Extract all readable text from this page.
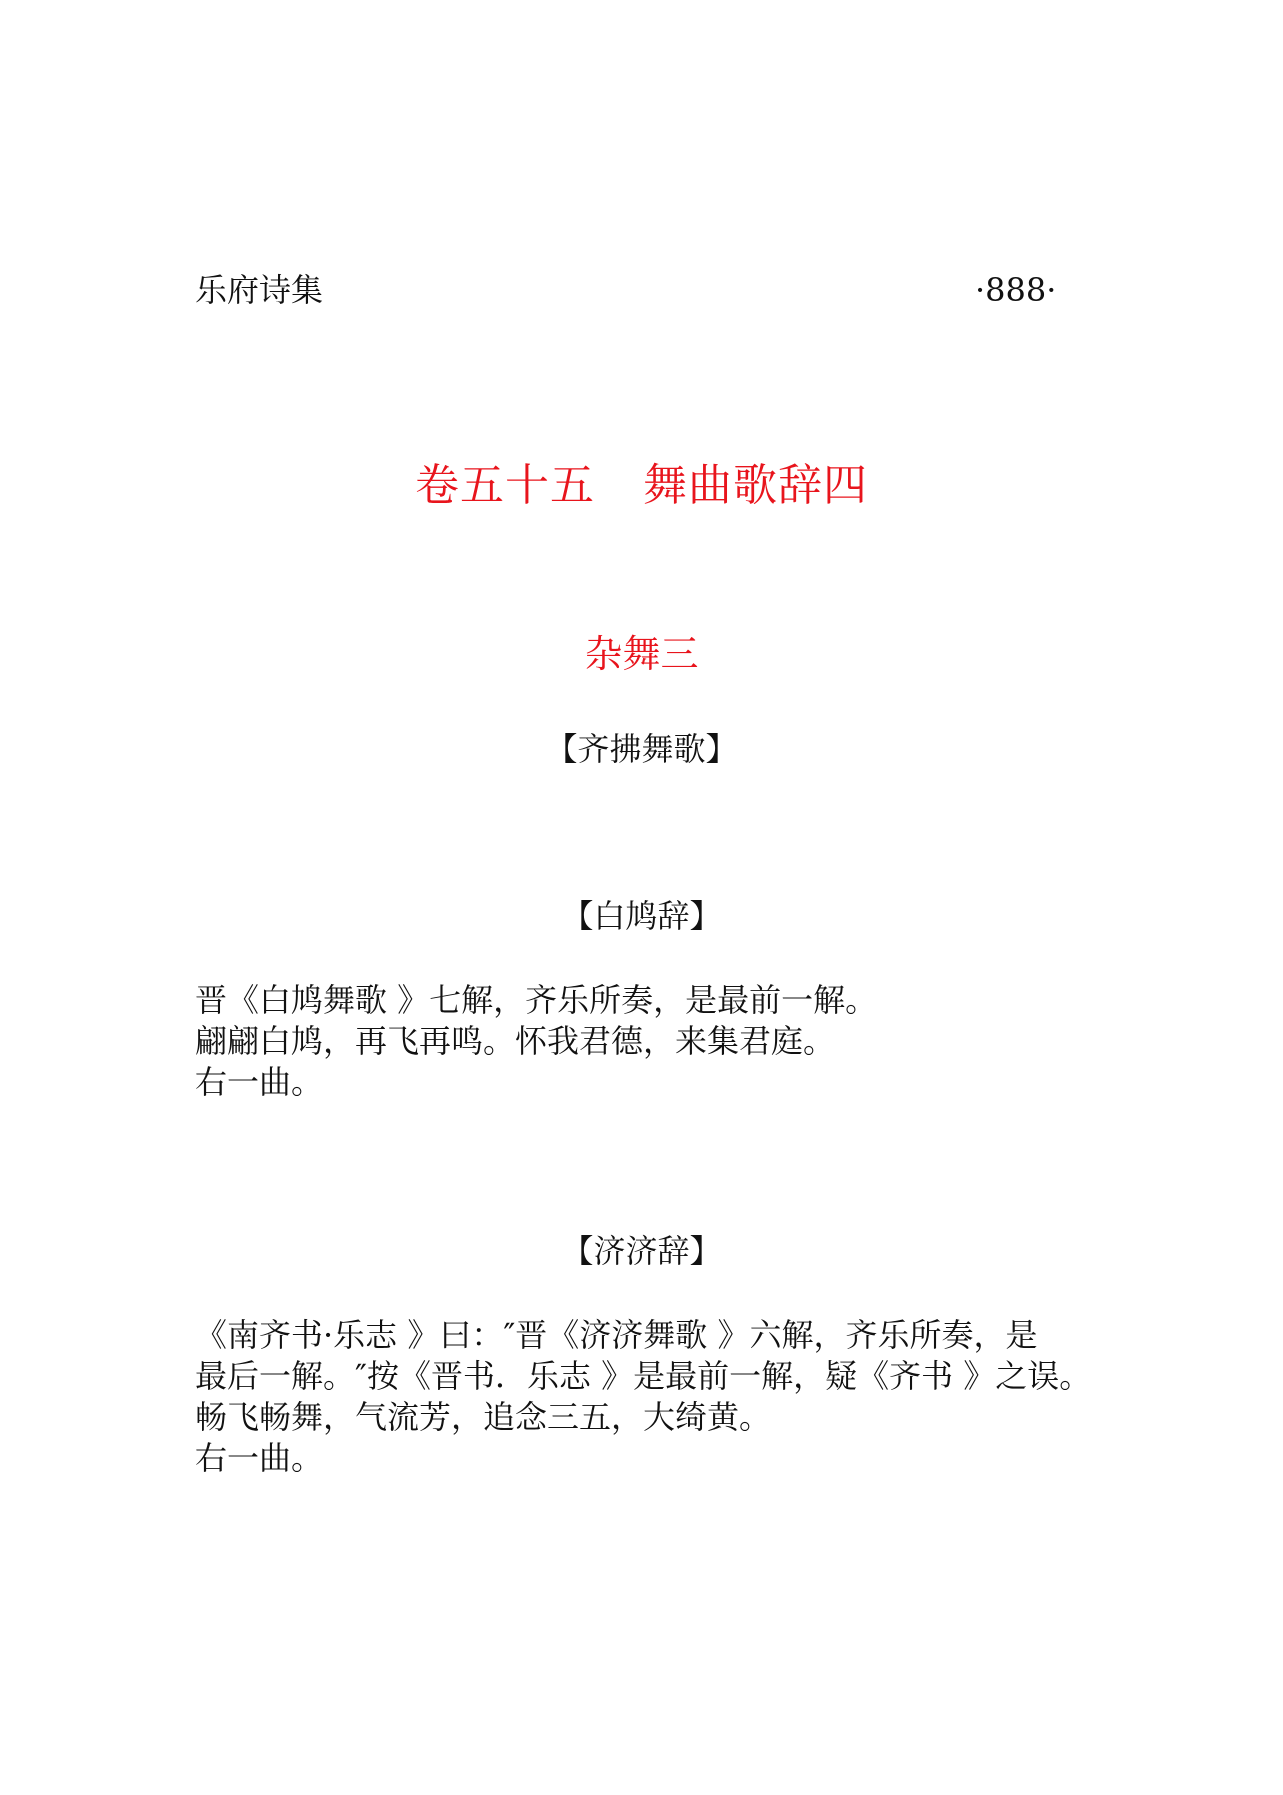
乐府诗集	·888·
卷五十五 舞曲歌辞四
杂舞三
【齐拂舞歌】
【白鸠辞】

晋《白鸠舞歌 》七解，齐乐所奏，是最前一解。

翩翩白鸠，再飞再鸣。怀我君德，来集君庭。

右一曲。

【济济辞】

《南齐书·乐志 》曰：″晋《济济舞歌 》六解，齐乐所奏，是

最后一解。″按《晋书．乐志 》是最前一解，疑《齐书 》之误。

畅飞畅舞，气流芳，追念三五，大绮黄。

右一曲。
